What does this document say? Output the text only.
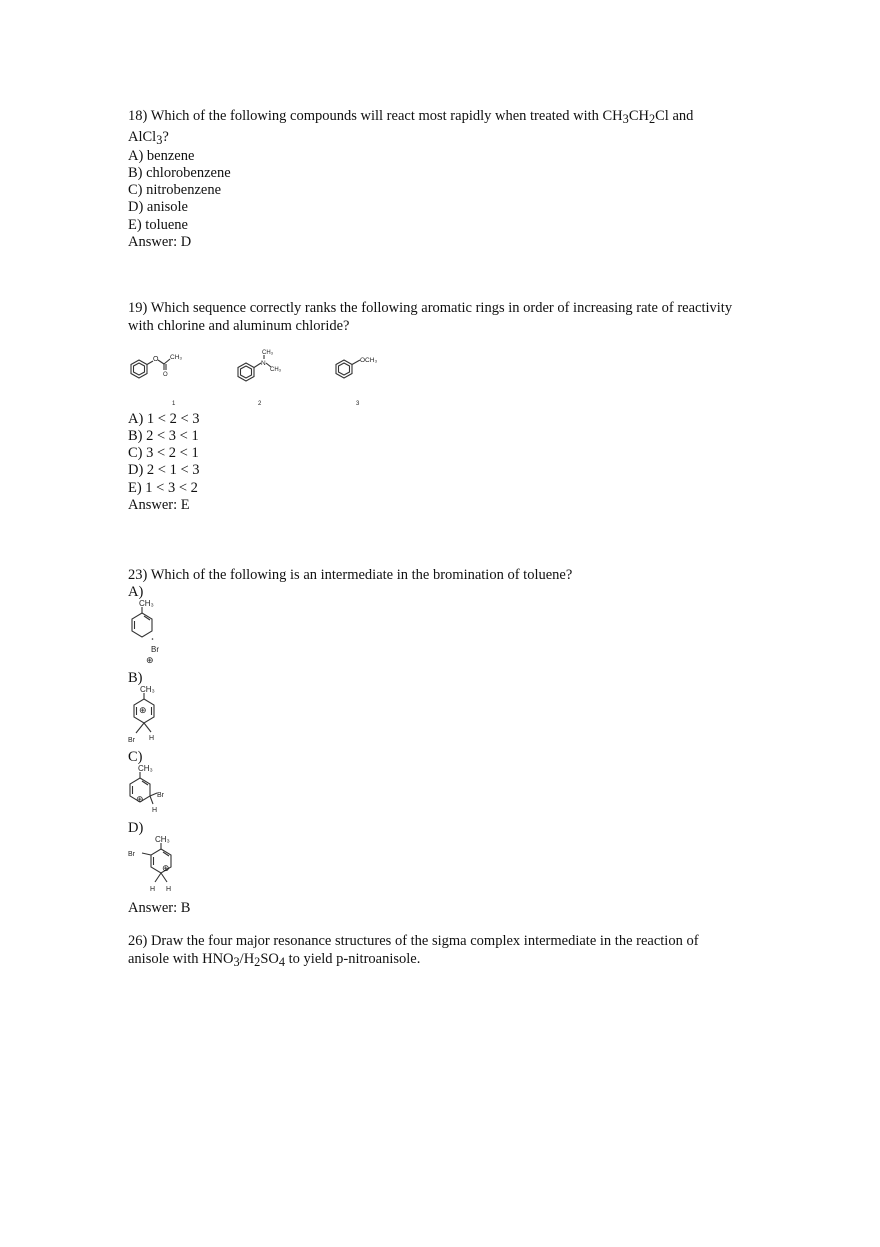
18) Which of the following compounds will react most rapidly when treated with $CH_3CH_2Cl$ and
AlCl$_3$?
A) benzene
B) chlorobenzene
C) nitrobenzene
D) anisole
E) toluene
Answer: D
19) Which sequence correctly ranks the following aromatic rings in order of increasing rate of reactivity
with chlorine and aluminum chloride?
O
O
CH₃
1
N
CH₃
CH₃
2
OCH₃
3
A) 1 < 2 < 3
B) 2 < 3 < 1
C) 3 < 2 < 1
D) 2 < 1 < 3
E) 1 < 3 < 2
Answer: E
23) Which of the following is an intermediate in the bromination of toluene?
A)
CH₃
Br
⊕
B)
CH₃
⊕
Br H
C)
CH₃
⊕ Br
H
D)
CH₃
⊕
Br
H H
Answer: B
26) Draw the four major resonance structures of the sigma complex intermediate in the reaction of
anisole with $HNO_3/H_2SO_4$ to yield p-nitroanisole.
